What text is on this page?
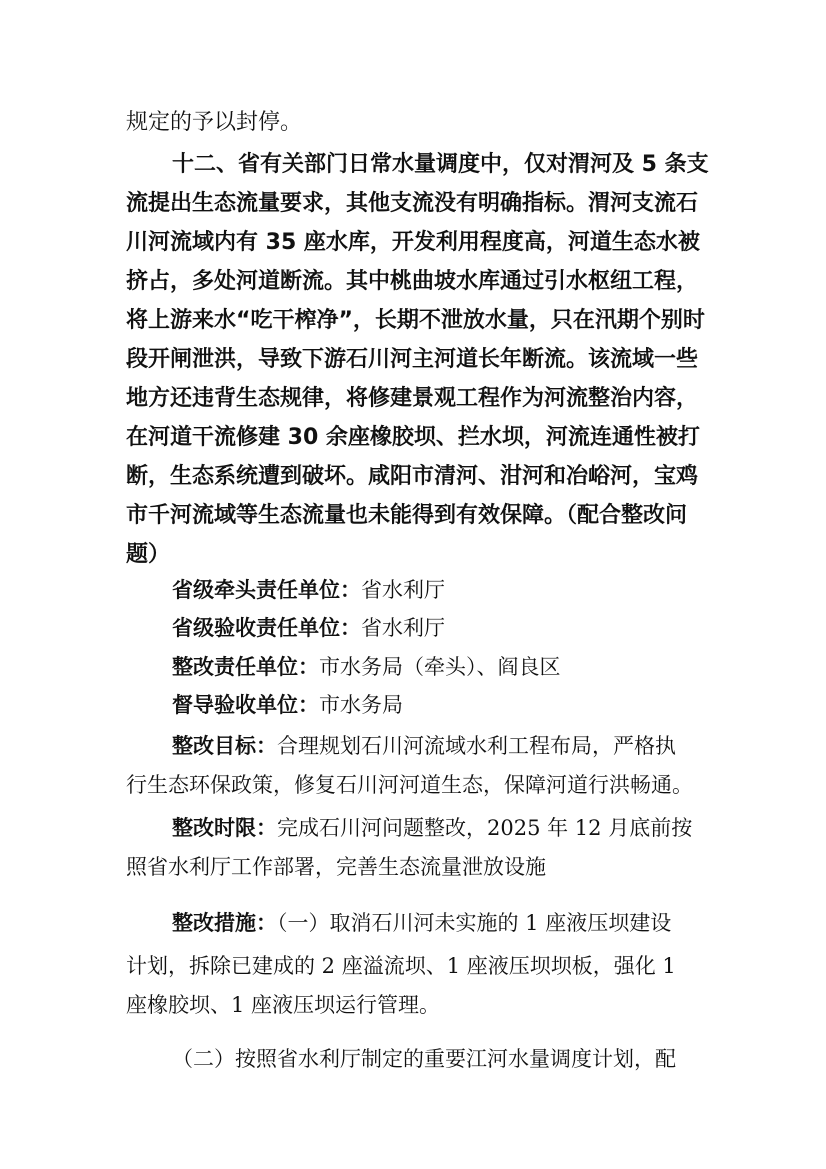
规定的予以封停。
十二、省有关部门日常水量调度中，仅对渭河及 5 条支
流提出生态流量要求，其他支流没有明确指标。渭河支流石
川河流域内有 35 座水库，开发利用程度高，河道生态水被
挤占，多处河道断流。其中桃曲坡水库通过引水枢纽工程，
将上游来水“吃干榨净”，长期不泄放水量，只在汛期个别时
段开闸泄洪，导致下游石川河主河道长年断流。该流域一些
地方还违背生态规律，将修建景观工程作为河流整治内容，
在河道干流修建 30 余座橡胶坝、拦水坝，河流连通性被打
断，生态系统遭到破坏。咸阳市清河、泔河和冶峪河，宝鸡
市千河流域等生态流量也未能得到有效保障。（配合整改问
题）
省级牵头责任单位：省水利厅
省级验收责任单位：省水利厅
整改责任单位：市水务局（牵头）、阎良区
督导验收单位：市水务局
整改目标：合理规划石川河流域水利工程布局，严格执
行生态环保政策，修复石川河河道生态，保障河道行洪畅通。
整改时限：完成石川河问题整改，2025 年 12 月底前按
照省水利厅工作部署，完善生态流量泄放设施
整改措施：（一）取消石川河未实施的 1 座液压坝建设
计划，拆除已建成的 2 座溢流坝、1 座液压坝坝板，强化 1
座橡胶坝、1 座液压坝运行管理。
（二）按照省水利厅制定的重要江河水量调度计划，配
